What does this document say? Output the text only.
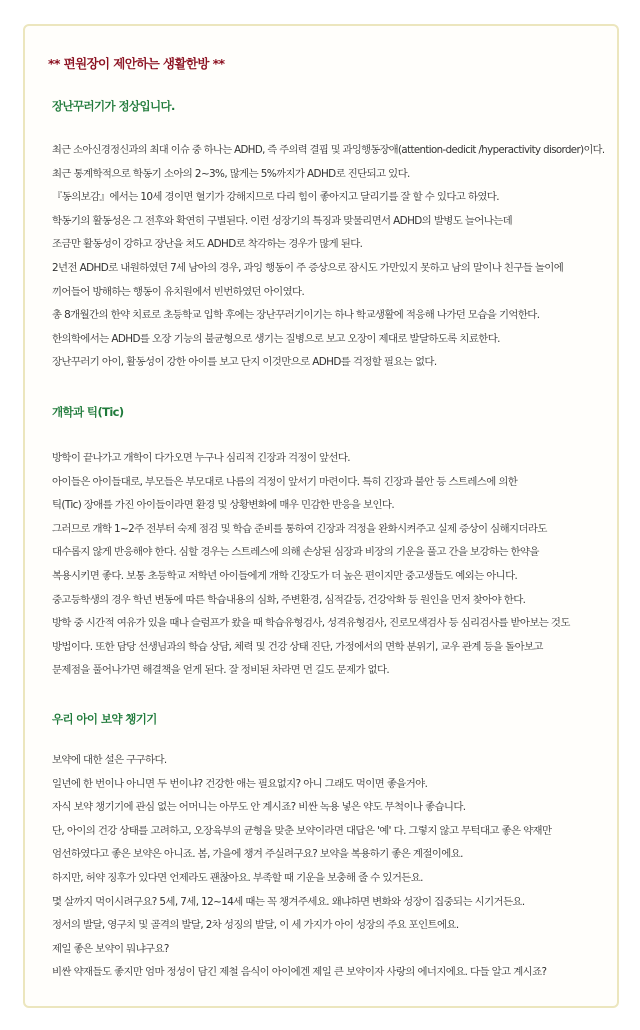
** 편원장이 제안하는 생활한방 **
장난꾸러기가 정상입니다.
최근 소아신경정신과의 최대 이슈 중 하나는 ADHD, 즉 주의력 결핍 및 과잉행동장애(attention-dedicit /hyperactivity disorder)이다.
최근 통계학적으로 학동기 소아의 2~3%, 많게는 5%까지가 ADHD로 진단되고 있다.
『동의보감』에서는 10세 경이면 혈기가 강해지므로 다리 힘이 좋아지고 달리기를 잘 할 수 있다고 하였다.
학동기의 활동성은 그 전후와 확연히 구별된다. 이런 성장기의 특징과 맞물리면서 ADHD의 발병도 늘어나는데
조금만 활동성이 강하고 장난을 쳐도 ADHD로 착각하는 경우가 많게 된다.
2년전 ADHD로 내원하였던 7세 남아의 경우, 과잉 행동이 주 증상으로 잠시도 가만있지 못하고 남의 말이나 친구들 놀이에
끼어들어 방해하는 행동이 유치원에서 빈번하였던 아이였다.
총 8개월간의 한약 치료로 초등학교 입학 후에는 장난꾸러기이기는 하나 학교생활에 적응해 나가던 모습을 기억한다.
한의학에서는 ADHD를 오장 기능의 불균형으로 생기는 질병으로 보고 오장이 제대로 발달하도록 치료한다.
장난꾸러기 아이, 활동성이 강한 아이를 보고 단지 이것만으로 ADHD를 걱정할 필요는 없다.
개학과 틱(Tic)
방학이 끝나가고 개학이 다가오면 누구나 심리적 긴장과 걱정이 앞선다.
아이들은 아이들대로, 부모들은 부모대로 나름의 걱정이 앞서기 마련이다. 특히 긴장과 불안 등 스트레스에 의한
틱(Tic) 장애를 가진 아이들이라면 환경 및 상황변화에 매우 민감한 반응을 보인다.
그러므로 개학 1~2주 전부터 숙제 점검 및 학습 준비를 통하여 긴장과 걱정을 완화시켜주고 실제 증상이 심해지더라도
대수롭지 않게 반응해야 한다. 심할 경우는 스트레스에 의해 손상된 심장과 비장의 기운을 풀고 간을 보강하는 한약을
복용시키면 좋다. 보통 초등학교 저학년 아이들에게 개학 긴장도가 더 높은 편이지만 중고생들도 예외는 아니다.
중고등학생의 경우 학년 변동에 따른 학습내용의 심화, 주변환경, 심적갈등, 건강악화 등 원인을 먼저 찾아야 한다.
방학 중 시간적 여유가 있을 때나 슬럼프가 왔을 때 학습유형검사, 성격유형검사, 진로모색검사 등 심리검사를 받아보는 것도
방법이다. 또한 담당 선생님과의 학습 상담, 체력 및 건강 상태 진단, 가정에서의 면학 분위기, 교우 관계 등을 돌아보고
문제점을 풀어나가면 해결책을 얻게 된다. 잘 정비된 차라면 먼 길도 문제가 없다.
우리 아이 보약 챙기기
보약에 대한 설은 구구하다.
일년에 한 번이나 아니면 두 번이냐? 건강한 애는 필요없지? 아니 그래도 먹이면 좋을거야.
자식 보약 챙기기에 관심 없는 어머니는 아무도 안 계시죠? 비싼 녹용 넣은 약도 무척이나 좋습니다.
단, 아이의 건강 상태를 고려하고, 오장육부의 균형을 맞춘 보약이라면 대답은 '예' 다. 그렇지 않고 무턱대고 좋은 약재만
엄선하였다고 좋은 보약은 아니죠. 봄, 가을에 챙겨 주실려구요? 보약을 복용하기 좋은 계절이에요.
하지만, 허약 징후가 있다면 언제라도 괜찮아요. 부족할 때 기운을 보충해 줄 수 있거든요.
몇 살까지 먹이시려구요? 5세, 7세, 12~14세 때는 꼭 챙겨주세요. 왜냐하면 변화와 성장이 집중되는 시기거든요.
정서의 발달, 영구치 및 골격의 발달, 2차 성징의 발달, 이 세 가지가 아이 성장의 주요 포인트에요.
제일 좋은 보약이 뭐냐구요?
비싼 약재들도 좋지만 엄마 정성이 담긴 제철 음식이 아이에겐 제일 큰 보약이자 사랑의 에너지에요. 다들 알고 계시죠?
